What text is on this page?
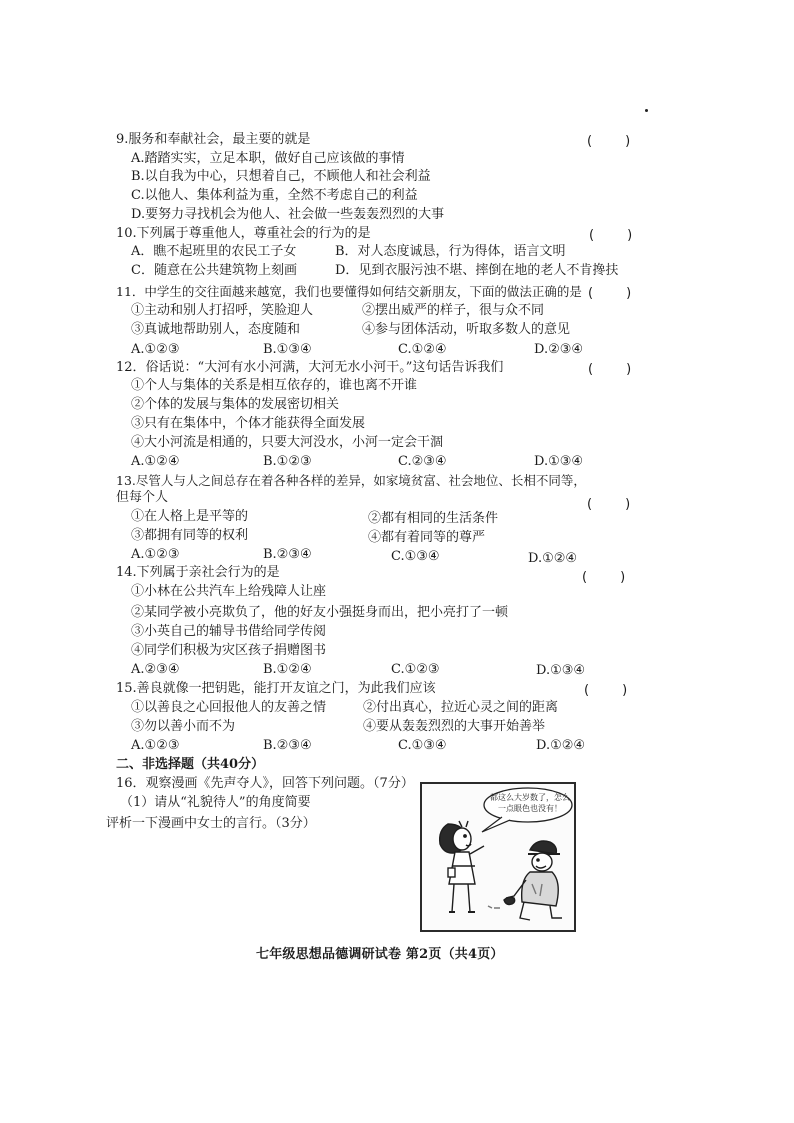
9.服务和奉献社会，最主要的就是	(        )
A.踏踏实实，立足本职，做好自己应该做的事情
B.以自我为中心，只想着自己，不顾他人和社会利益
C.以他人、集体利益为重，全然不考虑自己的利益
D.要努力寻找机会为他人、社会做一些轰轰烈烈的大事
10.下列属于尊重他人，尊重社会的行为的是	(        )
A．瞧不起班里的农民工子女	B．对人态度诚恳，行为得体，语言文明
C．随意在公共建筑物上刻画	D．见到衣服污浊不堪、摔倒在地的老人不肯搀扶
11．中学生的交往面越来越宽，我们也要懂得如何结交新朋友，下面的做法正确的是 (        )
①主动和别人打招呼，笑脸迎人	②摆出威严的样子，很与众不同
③真诚地帮助别人，态度随和	④参与团体活动，听取多数人的意见
A.①②③	B.①③④	C.①②④	D.②③④
12．俗话说：“大河有水小河满，大河无水小河干。”这句话告诉我们	(        )
①个人与集体的关系是相互依存的，谁也离不开谁
②个体的发展与集体的发展密切相关
③只有在集体中，个体才能获得全面发展
④大小河流是相通的，只要大河没水，小河一定会干涸
A.①②④	B.①②③	C.②③④	D.①③④
13.尽管人与人之间总存在着各种各样的差异，如家境贫富、社会地位、长相不同等，
但每个人	(        )
①在人格上是平等的	②都有相同的生活条件
③都拥有同等的权利	④都有着同等的尊严
A.①②③	B.②③④	C.①③④	D.①②④
14.下列属于亲社会行为的是	(        )
①小林在公共汽车上给残障人让座
②某同学被小亮欺负了，他的好友小强挺身而出，把小亮打了一顿
③小英自己的辅导书借给同学传阅
④同学们积极为灾区孩子捐赠图书
A.②③④	B.①②④	C.①②③	D.①③④
15.善良就像一把钥匙，能打开友谊之门，为此我们应该	(        )
①以善良之心回报他人的友善之情	②付出真心，拉近心灵之间的距离
③勿以善小而不为	④要从轰轰烈烈的大事开始善举
A.①②③	B.②③④	C.①③④	D.①②④
二、非选择题（共40分）
16．观察漫画《先声夺人》，回答下列问题。（7分）
（1）请从“礼貌待人”的角度简要
评析一下漫画中女士的言行。（3分）
都这么大岁数了，怎么一点眼色也没有！
七年级思想品德调研试卷 第2页（共4页）
